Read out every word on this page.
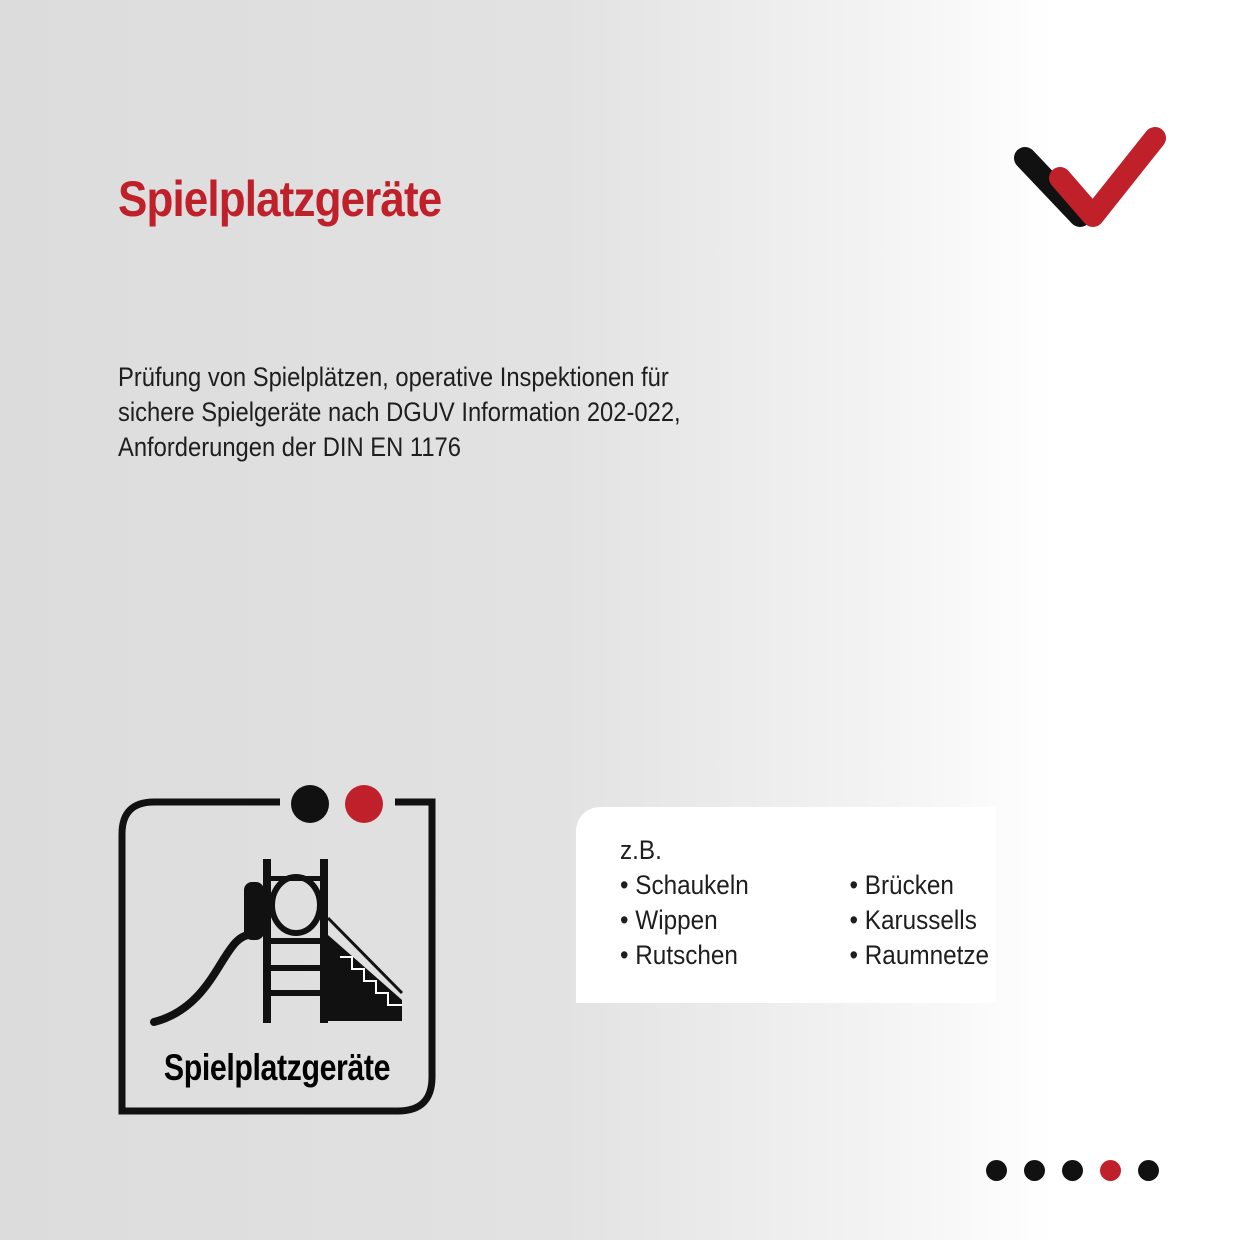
Spielplatzgeräte
Prüfung von Spielplätzen, operative Inspektionen für
sichere Spielgeräte nach DGUV Information 202-022,
Anforderungen der DIN EN 1176
Spielplatzgeräte
z.B.
• Schaukeln
• Wippen
• Rutschen
• Brücken
• Karussells
• Raumnetze
